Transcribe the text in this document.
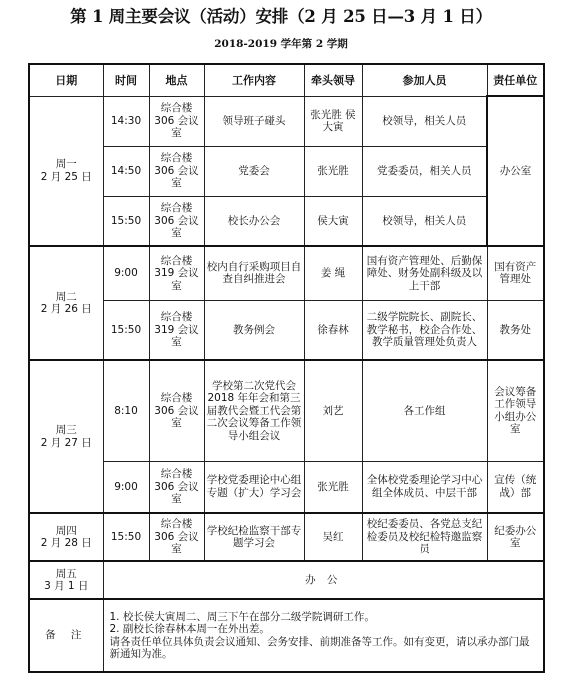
第 1 周主要会议（活动）安排（2 月 25 日—3 月 1 日）
2018-2019 学年第 2 学期
日期	时间	地点	工作内容	牵头领导	参加人员	责任单位
周一
2 月 25 日	14:30	综合楼 306 会议室	领导班子碰头	张光胜 侯大寅	校领导，相关人员	办公室
	14:50	综合楼 306 会议室	党委会	张光胜	党委委员，相关人员	
	15:50	综合楼 306 会议室	校长办公会	侯大寅	校领导，相关人员	
周二
2 月 26 日	9:00	综合楼 319 会议室	校内自行采购项目自查自纠推进会	姜 绳	国有资产管理处、后勤保障处、财务处副科级及以上干部	国有资产管理处
	15:50	综合楼 319 会议室	教务例会	徐春林	二级学院院长、副院长、教学秘书，校企合作处、教学质量管理处负责人	教务处
周三
2 月 27 日	8:10	综合楼 306 会议室	学校第二次党代会 2018 年年会和第三届教代会暨工代会第二次会议筹备工作领导小组会议	刘艺	各工作组	会议筹备工作领导小组办公室
	9:00	综合楼 306 会议室	学校党委理论中心组专题（扩大）学习会	张光胜	全体校党委理论学习中心组全体成员、中层干部	宣传（统战）部
周四
2 月 28 日	15:50	综合楼 306 会议室	学校纪检监察干部专题学习会	吴红	校纪委委员、各党总支纪检委员及校纪检特邀监察员	纪委办公室
周五
3 月 1 日	办 公					
备 注	1. 校长侯大寅周二、周三下午在部分二级学院调研工作。
2. 副校长徐春林本周一在外出差。
请各责任单位具体负责会议通知、会务安排、前期准备等工作。如有变更，请以承办部门最新通知为准。					
